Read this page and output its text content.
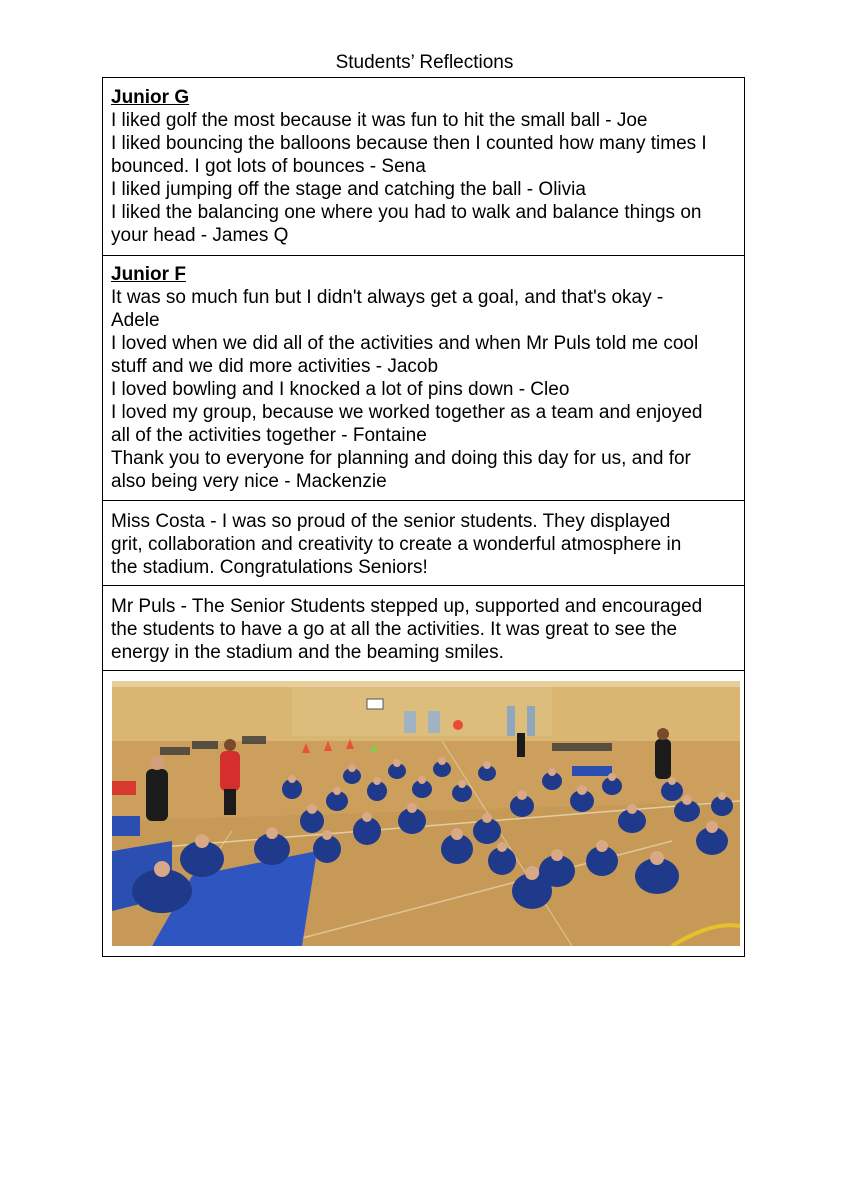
Students’ Reflections
Junior G
I liked golf the most because it was fun to hit the small ball - Joe
I liked bouncing the balloons because then I counted how many times I
bounced. I got lots of bounces - Sena
I liked jumping off the stage and catching the ball - Olivia
I liked the balancing one where you had to walk and balance things on
your head - James Q
Junior F
It was so much fun but I didn't always get a goal, and that's okay -
Adele
I loved when we did all of the activities and when Mr Puls told me cool
stuff and we did more activities - Jacob
I loved bowling and I knocked a lot of pins down - Cleo
I loved my group, because we worked together as a team and enjoyed
all of the activities together - Fontaine
Thank you to everyone for planning and doing this day for us, and for
also being very nice - Mackenzie
Miss Costa - I was so proud of the senior students. They displayed
grit, collaboration and creativity to create a wonderful atmosphere in
the stadium. Congratulations Seniors!
Mr Puls - The Senior Students stepped up, supported and encouraged
the students to have a go at all the activities. It was great to see the
energy in the stadium and the beaming smiles.
